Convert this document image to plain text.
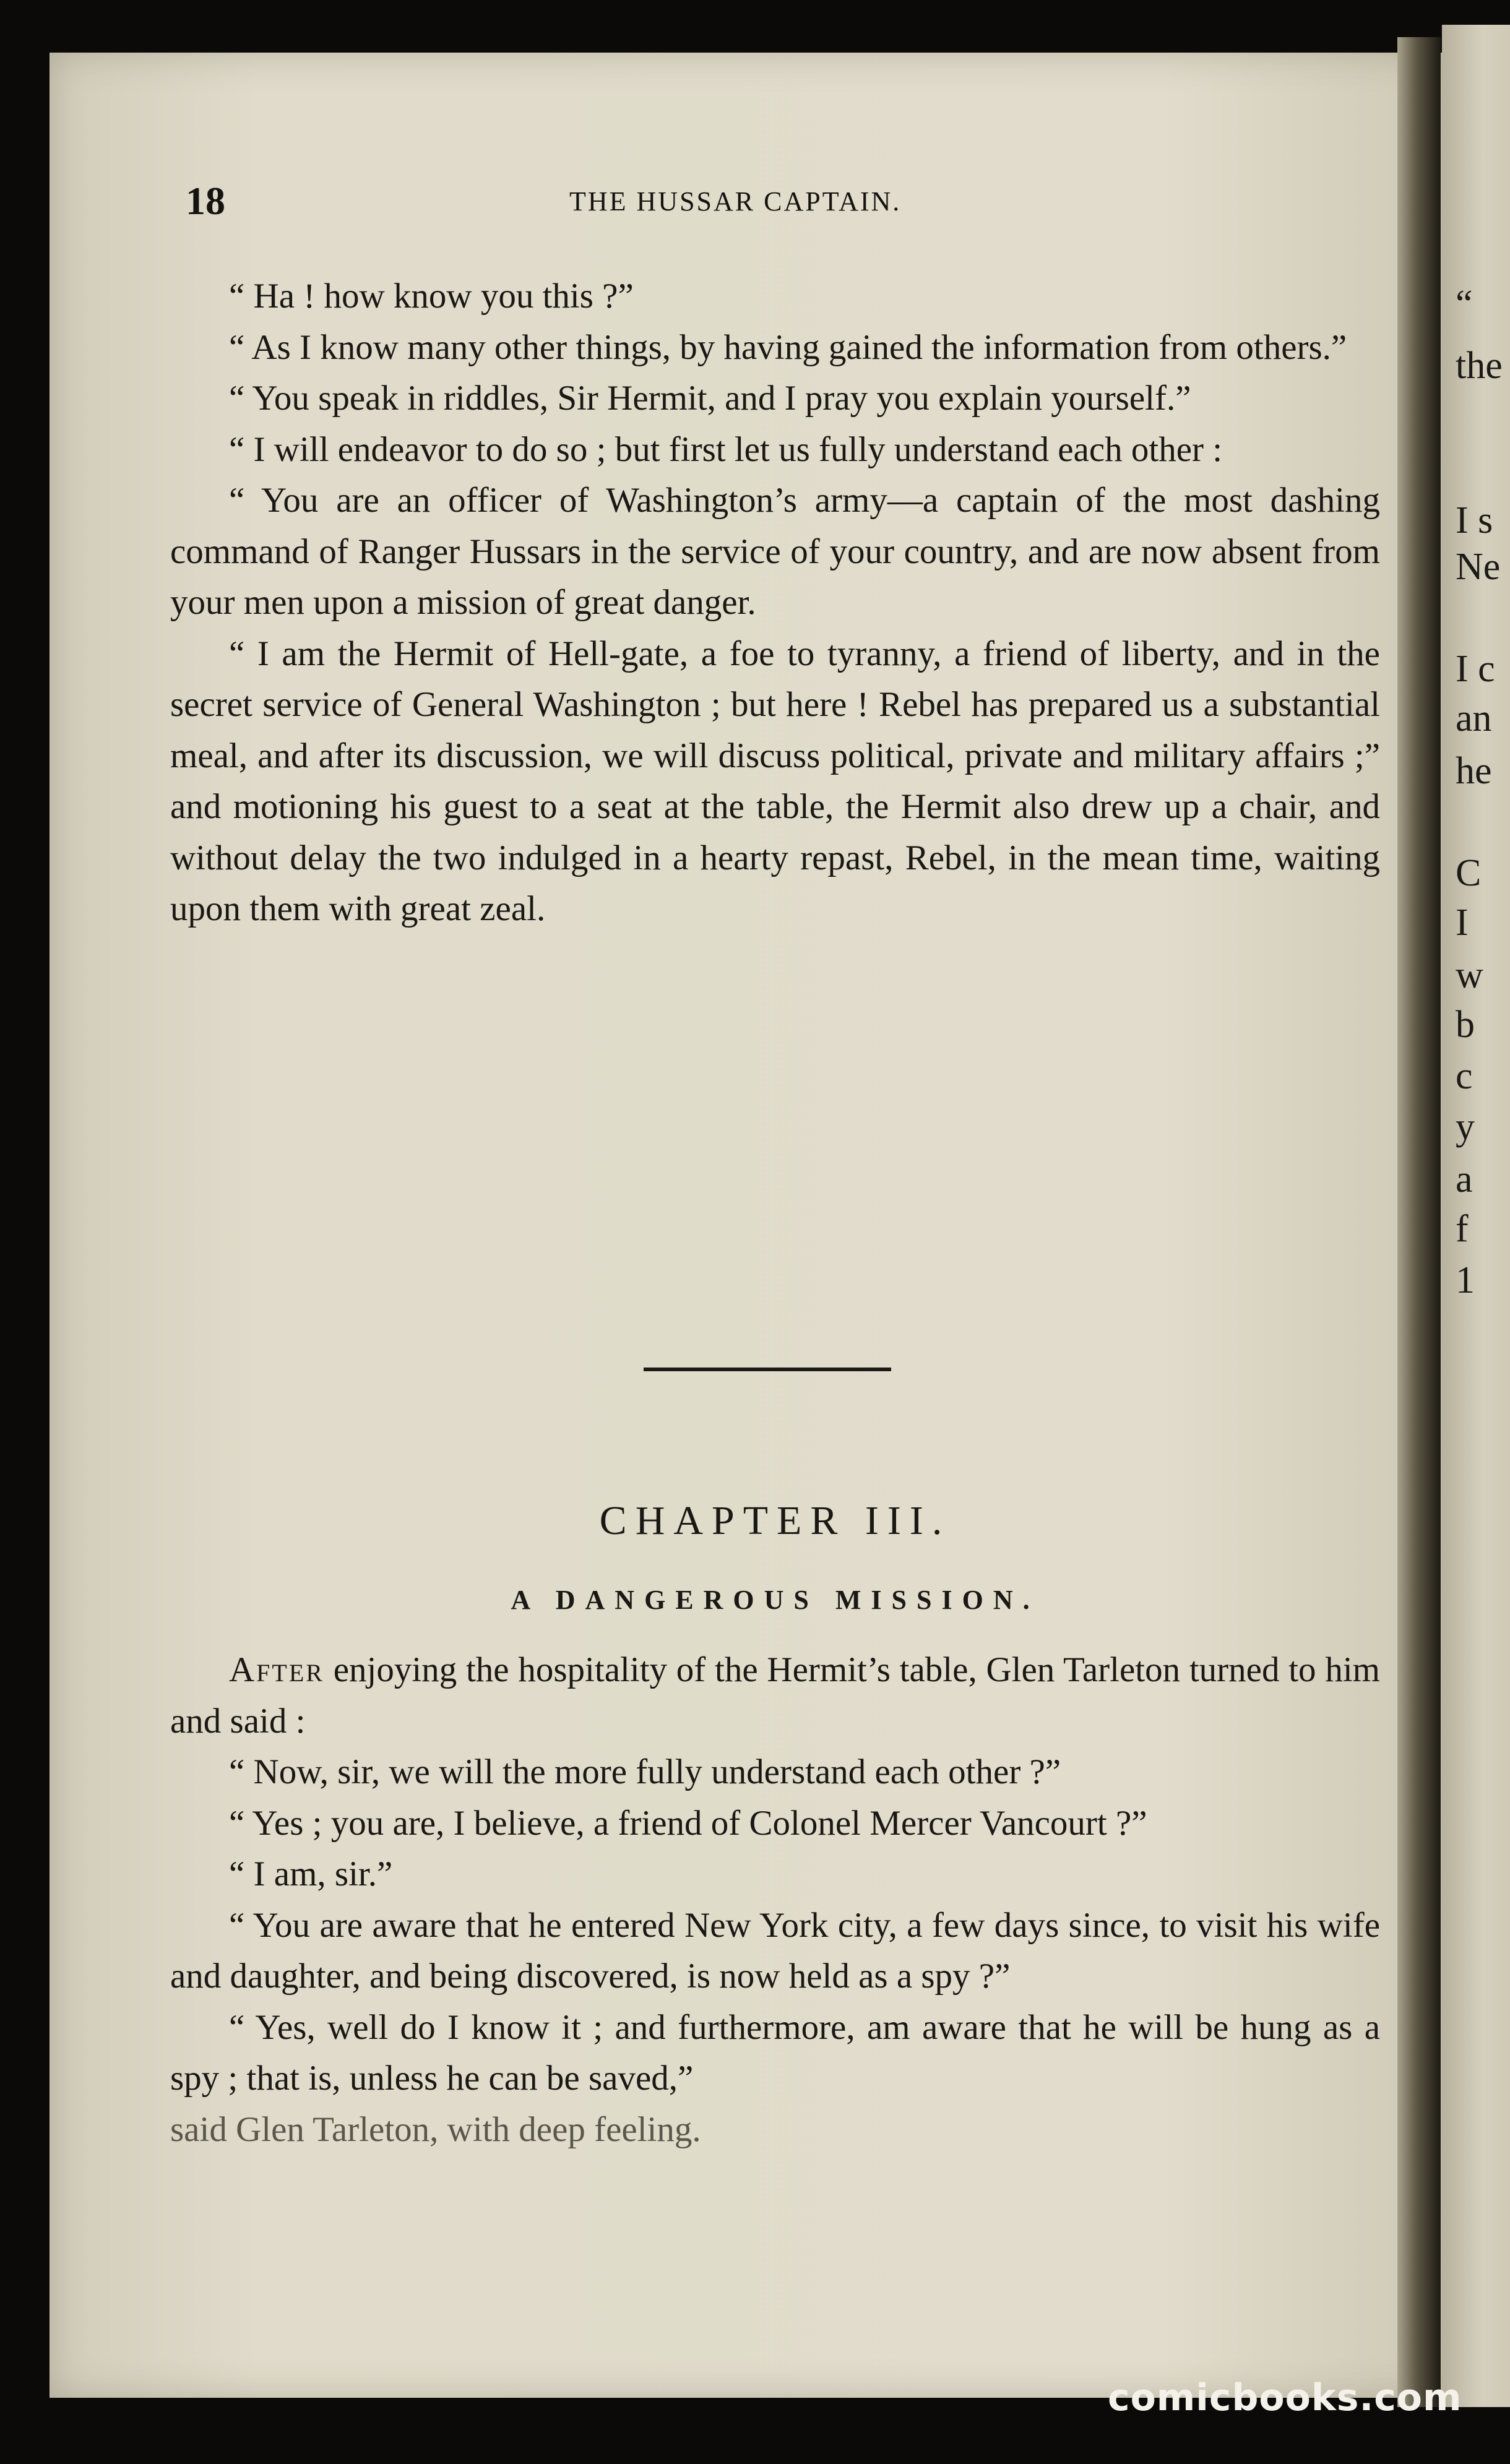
“
the
I s
Ne
I c
an
he
C
I
w
b
c
y
a
f
1
18	THE HUSSAR CAPTAIN.

“ Ha ! how know you this ?”

“ As I know many other things, by having gained the information from others.”

“ You speak in riddles, Sir Hermit, and I pray you explain yourself.”

“ I will endeavor to do so ; but first let us fully understand each other :

“ You are an officer of Washington’s army—a captain of the most dashing command of Ranger Hussars in the service of your country, and are now absent from your men upon a mission of great danger.

“ I am the Hermit of Hell-gate, a foe to tyranny, a friend of liberty, and in the secret service of General Washington ; but here ! Rebel has prepared us a substantial meal, and after its discussion, we will discuss political, private and military affairs ;” and motioning his guest to a seat at the table, the Hermit also drew up a chair, and without delay the two indulged in a hearty repast, Rebel, in the mean time, waiting upon them with great zeal.

CHAPTER III.
A DANGEROUS MISSION.

After enjoying the hospitality of the Hermit’s table, Glen Tarleton turned to him and said :

“ Now, sir, we will the more fully understand each other ?”

“ Yes ; you are, I believe, a friend of Colonel Mercer Vancourt ?”

“ I am, sir.”

“ You are aware that he entered New York city, a few days since, to visit his wife and daughter, and being discovered, is now held as a spy ?”

“ Yes, well do I know it ; and furthermore, am aware that he will be hung as a spy ; that is, unless he can be saved,”

said Glen Tarleton, with deep feeling.

comicbooks.com
